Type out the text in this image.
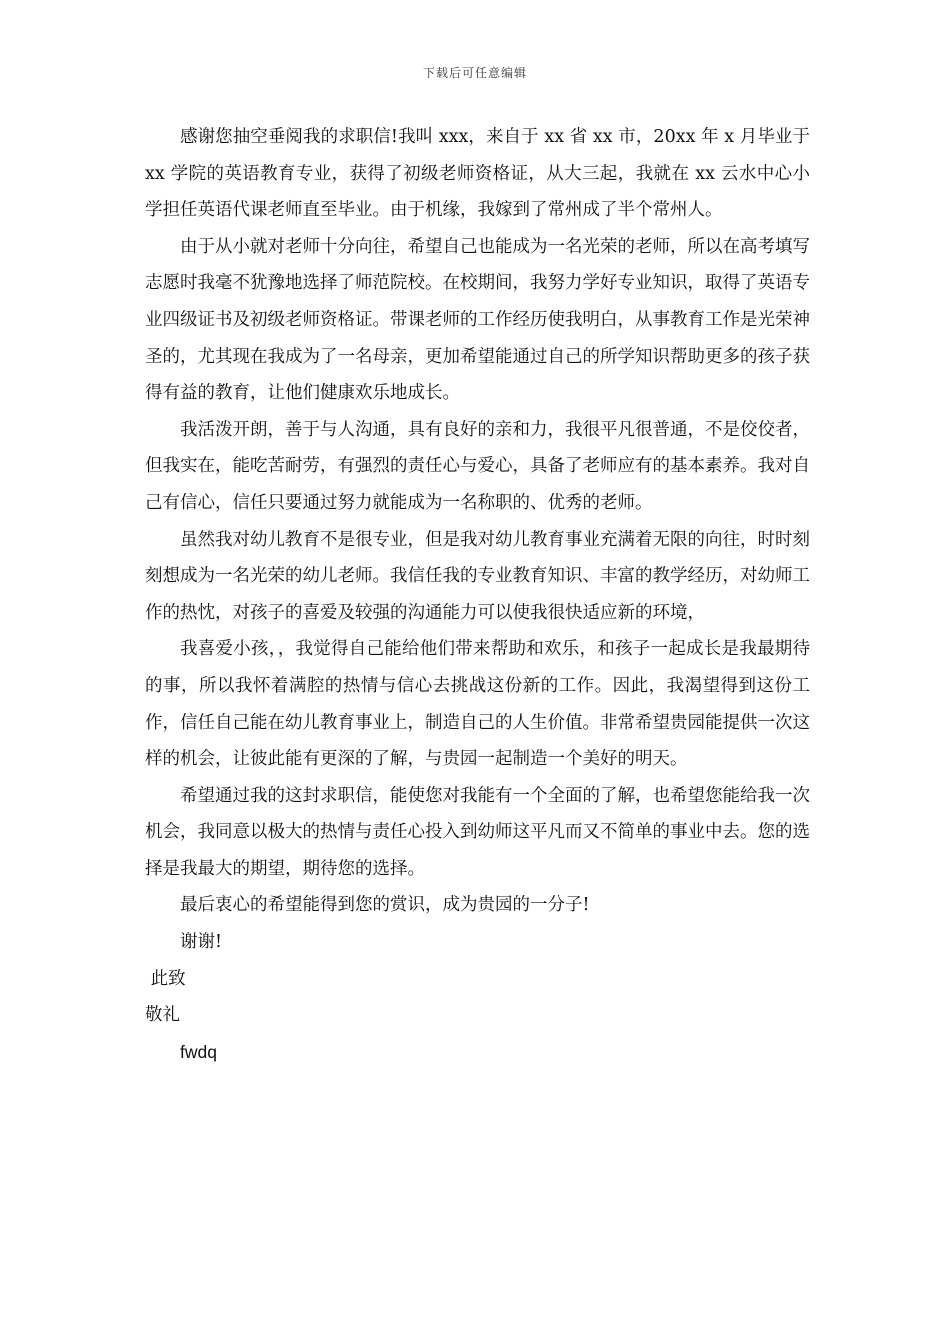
下载后可任意编辑

感谢您抽空垂阅我的求职信!我叫 xxx，来自于 xx 省 xx 市，20xx 年 x 月毕业于 xx 学院的英语教育专业，获得了初级老师资格证，从大三起，我就在 xx 云水中心小学担任英语代课老师直至毕业。由于机缘，我嫁到了常州成了半个常州人。

由于从小就对老师十分向往，希望自己也能成为一名光荣的老师，所以在高考填写志愿时我毫不犹豫地选择了师范院校。在校期间，我努力学好专业知识，取得了英语专业四级证书及初级老师资格证。带课老师的工作经历使我明白，从事教育工作是光荣神圣的，尤其现在我成为了一名母亲，更加希望能通过自己的所学知识帮助更多的孩子获得有益的教育，让他们健康欢乐地成长。

我活泼开朗，善于与人沟通，具有良好的亲和力，我很平凡很普通，不是佼佼者，但我实在，能吃苦耐劳，有强烈的责任心与爱心，具备了老师应有的基本素养。我对自己有信心，信任只要通过努力就能成为一名称职的、优秀的老师。

虽然我对幼儿教育不是很专业，但是我对幼儿教育事业充满着无限的向往，时时刻刻想成为一名光荣的幼儿老师。我信任我的专业教育知识、丰富的教学经历，对幼师工作的热忱，对孩子的喜爱及较强的沟通能力可以使我很快适应新的环境，

我喜爱小孩，，我觉得自己能给他们带来帮助和欢乐，和孩子一起成长是我最期待的事，所以我怀着满腔的热情与信心去挑战这份新的工作。因此，我渴望得到这份工作，信任自己能在幼儿教育事业上，制造自己的人生价值。非常希望贵园能提供一次这样的机会，让彼此能有更深的了解，与贵园一起制造一个美好的明天。

希望通过我的这封求职信，能使您对我能有一个全面的了解，也希望您能给我一次机会，我同意以极大的热情与责任心投入到幼师这平凡而又不简单的事业中去。您的选择是我最大的期望，期待您的选择。

最后衷心的希望能得到您的赏识，成为贵园的一分子!

谢谢!

此致

敬礼

fwdq
